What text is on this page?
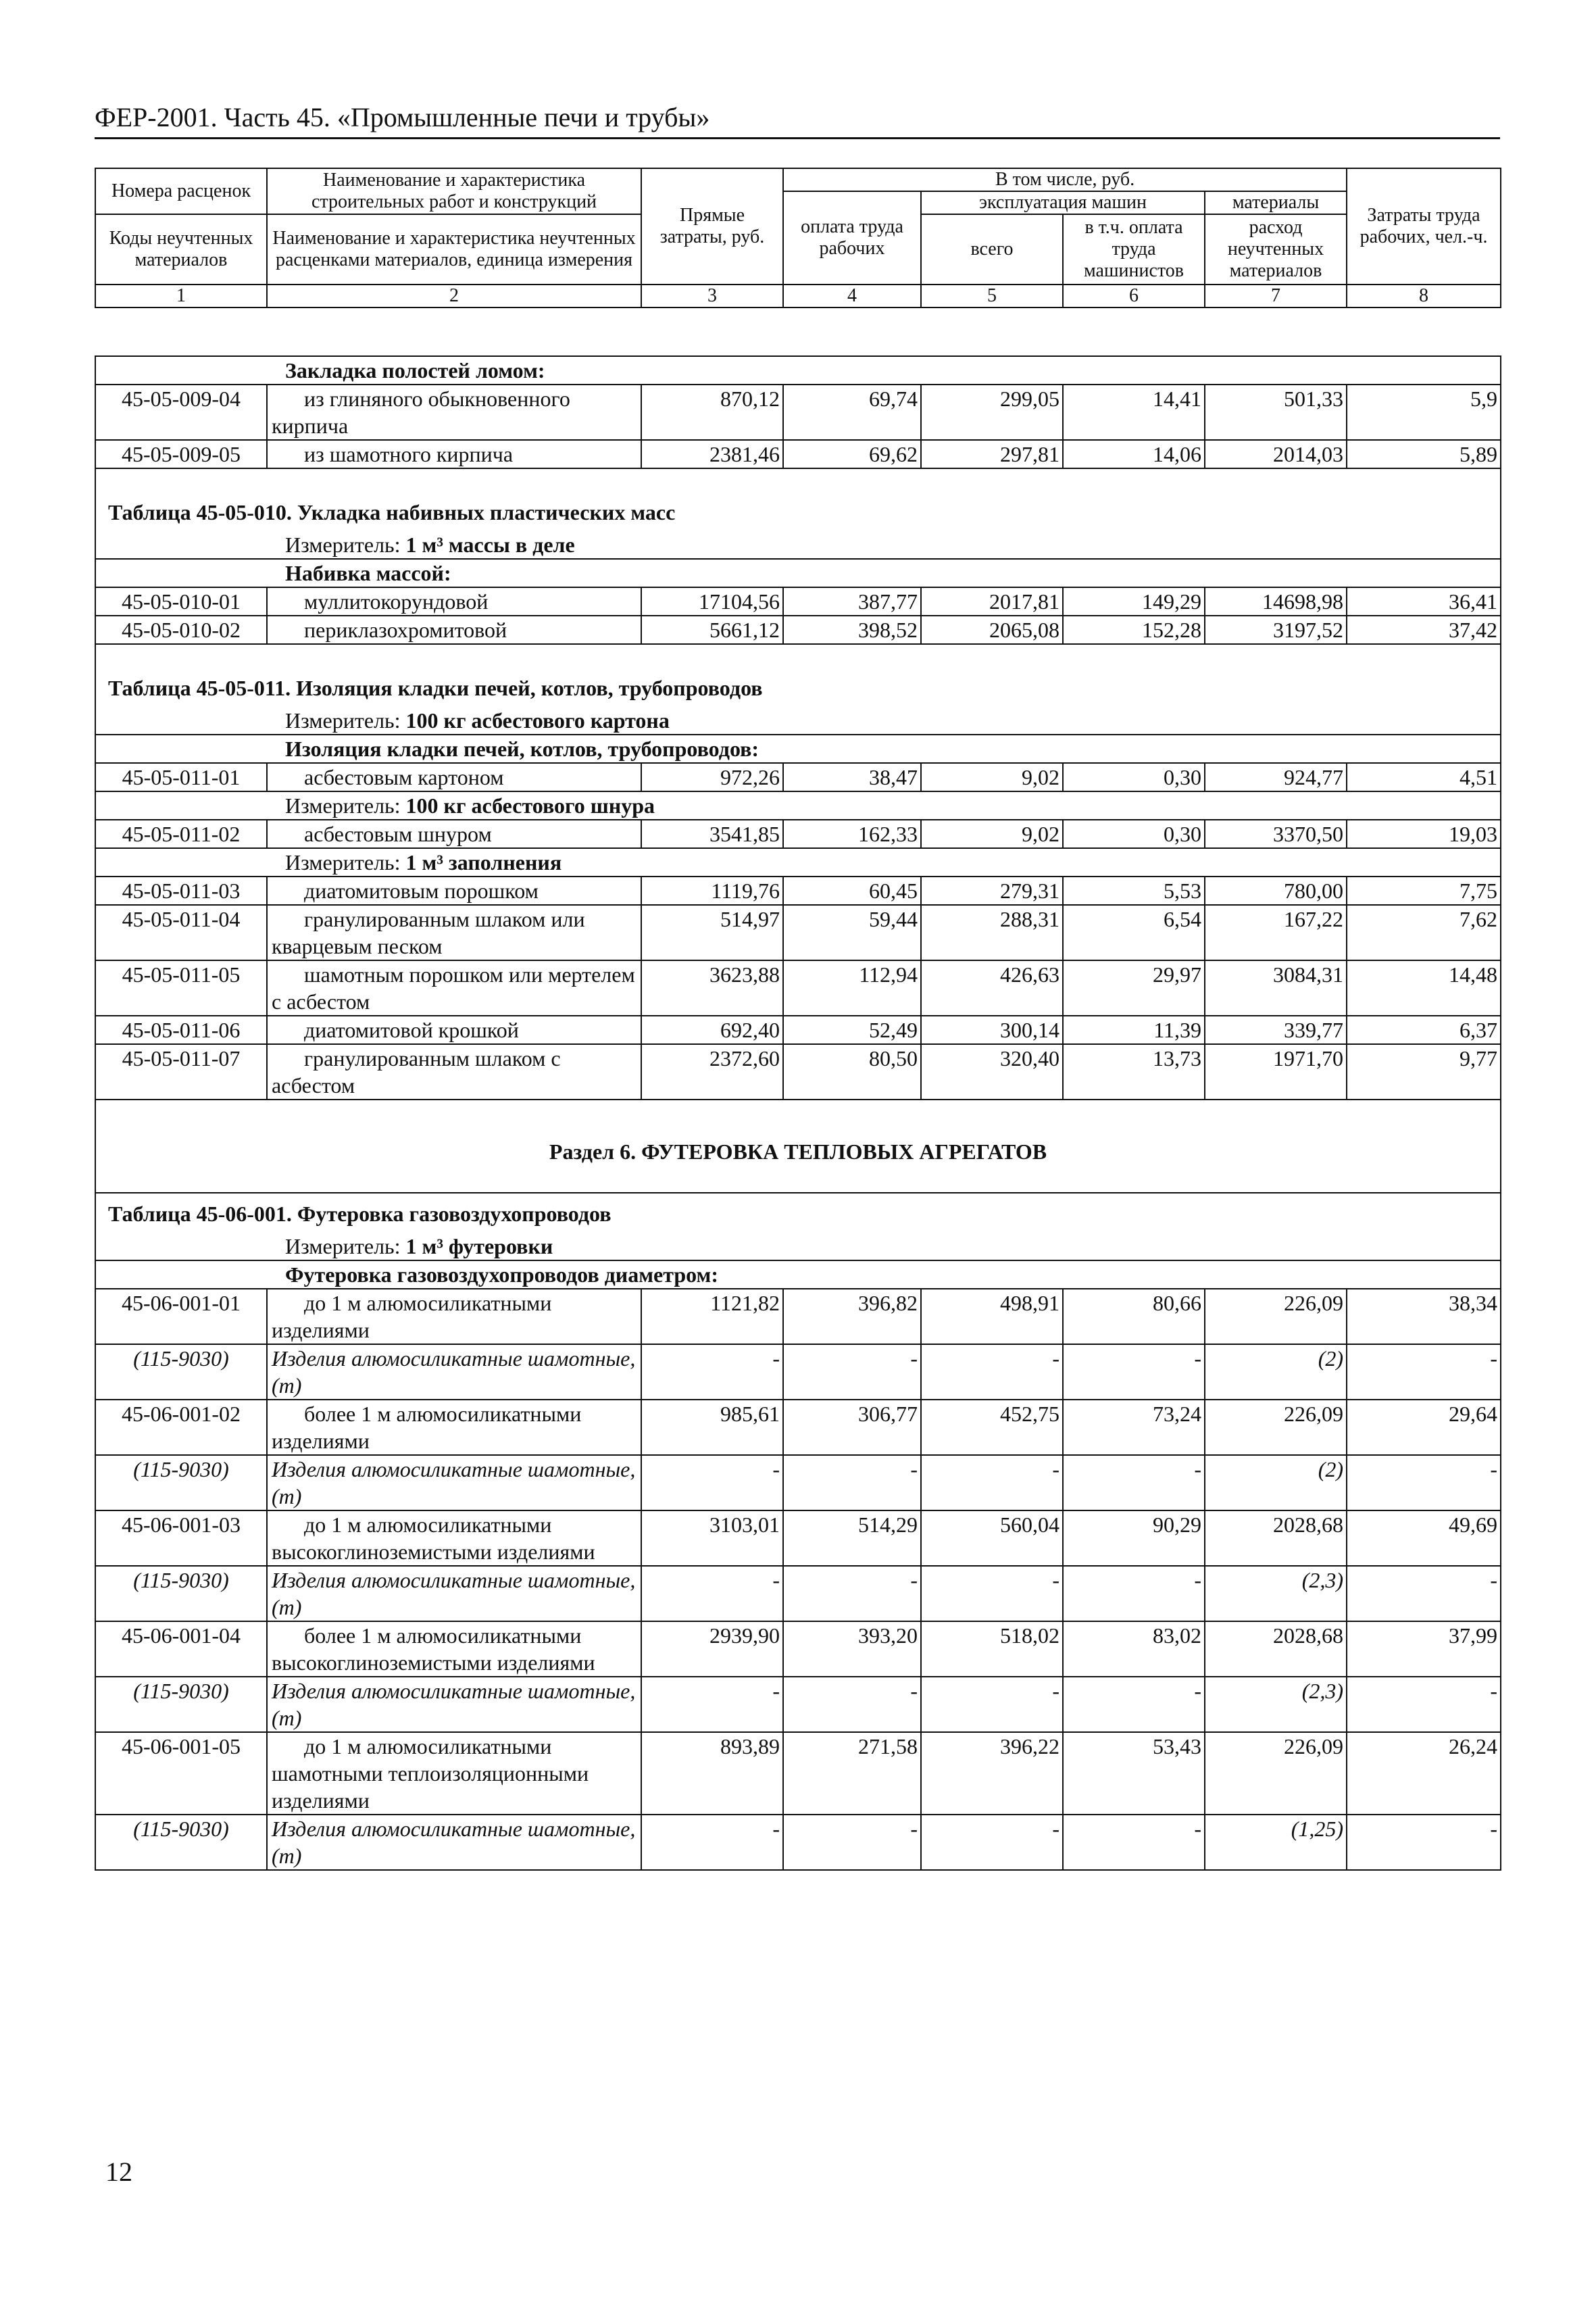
ФЕР-2001. Часть 45. «Промышленные печи и трубы»
Номера расценок	Наименование и характеристика строительных работ и конструкций	Прямые затраты, руб.	В том числе, руб.				Затраты труда рабочих, чел.-ч.
			оплата труда рабочих	эксплуатация машин		материалы	
Коды неучтенных материалов	Наименование и характеристика неучтенных расценками материалов, единица измерения			всего	в т.ч. оплата труда машинистов	расход неучтенных материалов	

1	2	3	4	5	6	7	8
Закладка полостей ломом:							
45-05-009-04	из глиняного обыкновенного кирпича	870,12	69,74	299,05	14,41	501,33	5,9
45-05-009-05	из шамотного кирпича	2381,46	69,62	297,81	14,06	2014,03	5,89
Таблица 45-05-010. Укладка набивных пластических масс							
Измеритель: 1 м³ массы в деле							
Набивка массой:							
45-05-010-01	муллитокорундовой	17104,56	387,77	2017,81	149,29	14698,98	36,41
45-05-010-02	периклазохромитовой	5661,12	398,52	2065,08	152,28	3197,52	37,42
Таблица 45-05-011. Изоляция кладки печей, котлов, трубопроводов							
Измеритель: 100 кг асбестового картона							
Изоляция кладки печей, котлов, трубопроводов:							
45-05-011-01	асбестовым картоном	972,26	38,47	9,02	0,30	924,77	4,51
Измеритель: 100 кг асбестового шнура							
45-05-011-02	асбестовым шнуром	3541,85	162,33	9,02	0,30	3370,50	19,03
Измеритель: 1 м³ заполнения							
45-05-011-03	диатомитовым порошком	1119,76	60,45	279,31	5,53	780,00	7,75
45-05-011-04	гранулированным шлаком или кварцевым песком	514,97	59,44	288,31	6,54	167,22	7,62
45-05-011-05	шамотным порошком или мертелем с асбестом	3623,88	112,94	426,63	29,97	3084,31	14,48
45-05-011-06	диатомитовой крошкой	692,40	52,49	300,14	11,39	339,77	6,37
45-05-011-07	гранулированным шлаком с асбестом	2372,60	80,50	320,40	13,73	1971,70	9,77
Раздел 6. ФУТЕРОВКА ТЕПЛОВЫХ АГРЕГАТОВ							
Таблица 45-06-001. Футеровка газовоздухопроводов							
Измеритель: 1 м³ футеровки							
Футеровка газовоздухопроводов диаметром:							
45-06-001-01	до 1 м алюмосиликатными изделиями	1121,82	396,82	498,91	80,66	226,09	38,34
(115-9030)	Изделия алюмосиликатные шамотные, (т)	-	-	-	-	(2)	-
45-06-001-02	более 1 м алюмосиликатными изделиями	985,61	306,77	452,75	73,24	226,09	29,64
(115-9030)	Изделия алюмосиликатные шамотные, (т)	-	-	-	-	(2)	-
45-06-001-03	до 1 м алюмосиликатными высокоглиноземистыми изделиями	3103,01	514,29	560,04	90,29	2028,68	49,69
(115-9030)	Изделия алюмосиликатные шамотные, (т)	-	-	-	-	(2,3)	-
45-06-001-04	более 1 м алюмосиликатными высокоглиноземистыми изделиями	2939,90	393,20	518,02	83,02	2028,68	37,99
(115-9030)	Изделия алюмосиликатные шамотные, (т)	-	-	-	-	(2,3)	-
45-06-001-05	до 1 м алюмосиликатными шамотными теплоизоляционными изделиями	893,89	271,58	396,22	53,43	226,09	26,24
(115-9030)	Изделия алюмосиликатные шамотные, (т)	-	-	-	-	(1,25)	-
12
